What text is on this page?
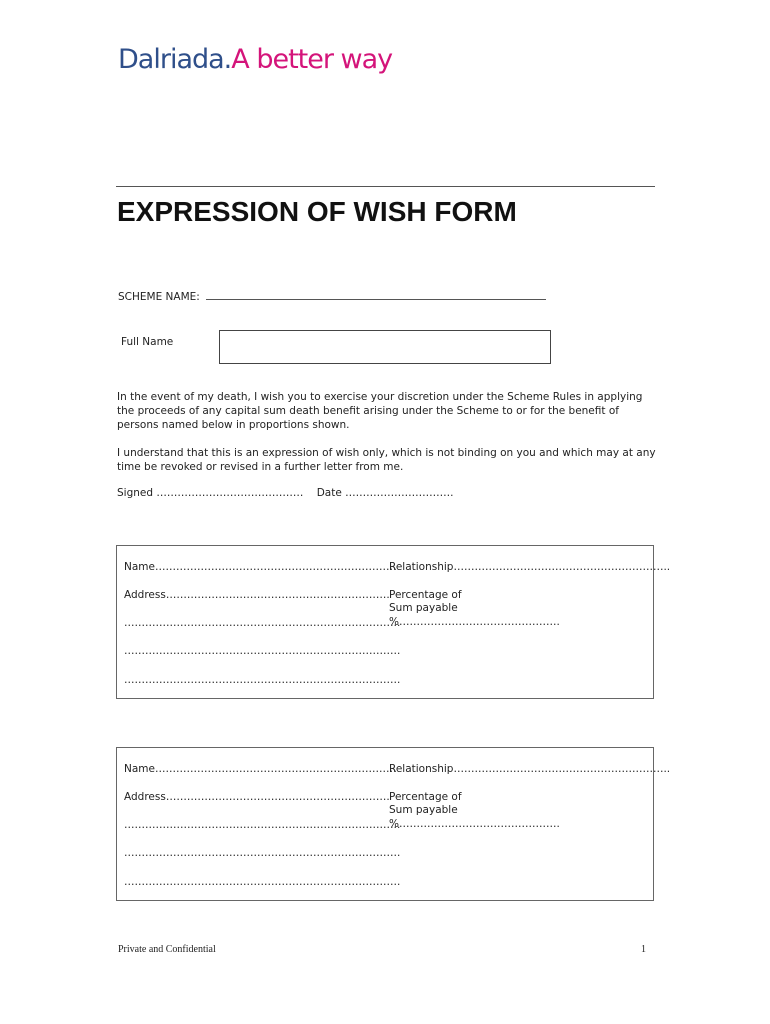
Dalriada.A better way
EXPRESSION OF WISH FORM
SCHEME NAME:
Full Name
In the event of my death, I wish you to exercise your discretion under the Scheme Rules in applying the proceeds of any capital sum death benefit arising under the Scheme to or for the benefit of persons named below in proportions shown.
I understand that this is an expression of wish only, which is not binding on you and which may at any time be revoked or revised in a further letter from me.
Signed …………………………………… Date ………………………….
Name……………………………………………………………
Relationship……………………………………………………..
Address………………………………………………………. Percentage of
Sum payable
%……………………………………….
…………………………………………………………………….
…………………………………………………………………….
…………………………………………………………………….
Name……………………………………………………………
Relationship……………………………………………………..
Address………………………………………………………. Percentage of
Sum payable
%……………………………………….
…………………………………………………………………….
…………………………………………………………………….
…………………………………………………………………….
Private and Confidential	1
